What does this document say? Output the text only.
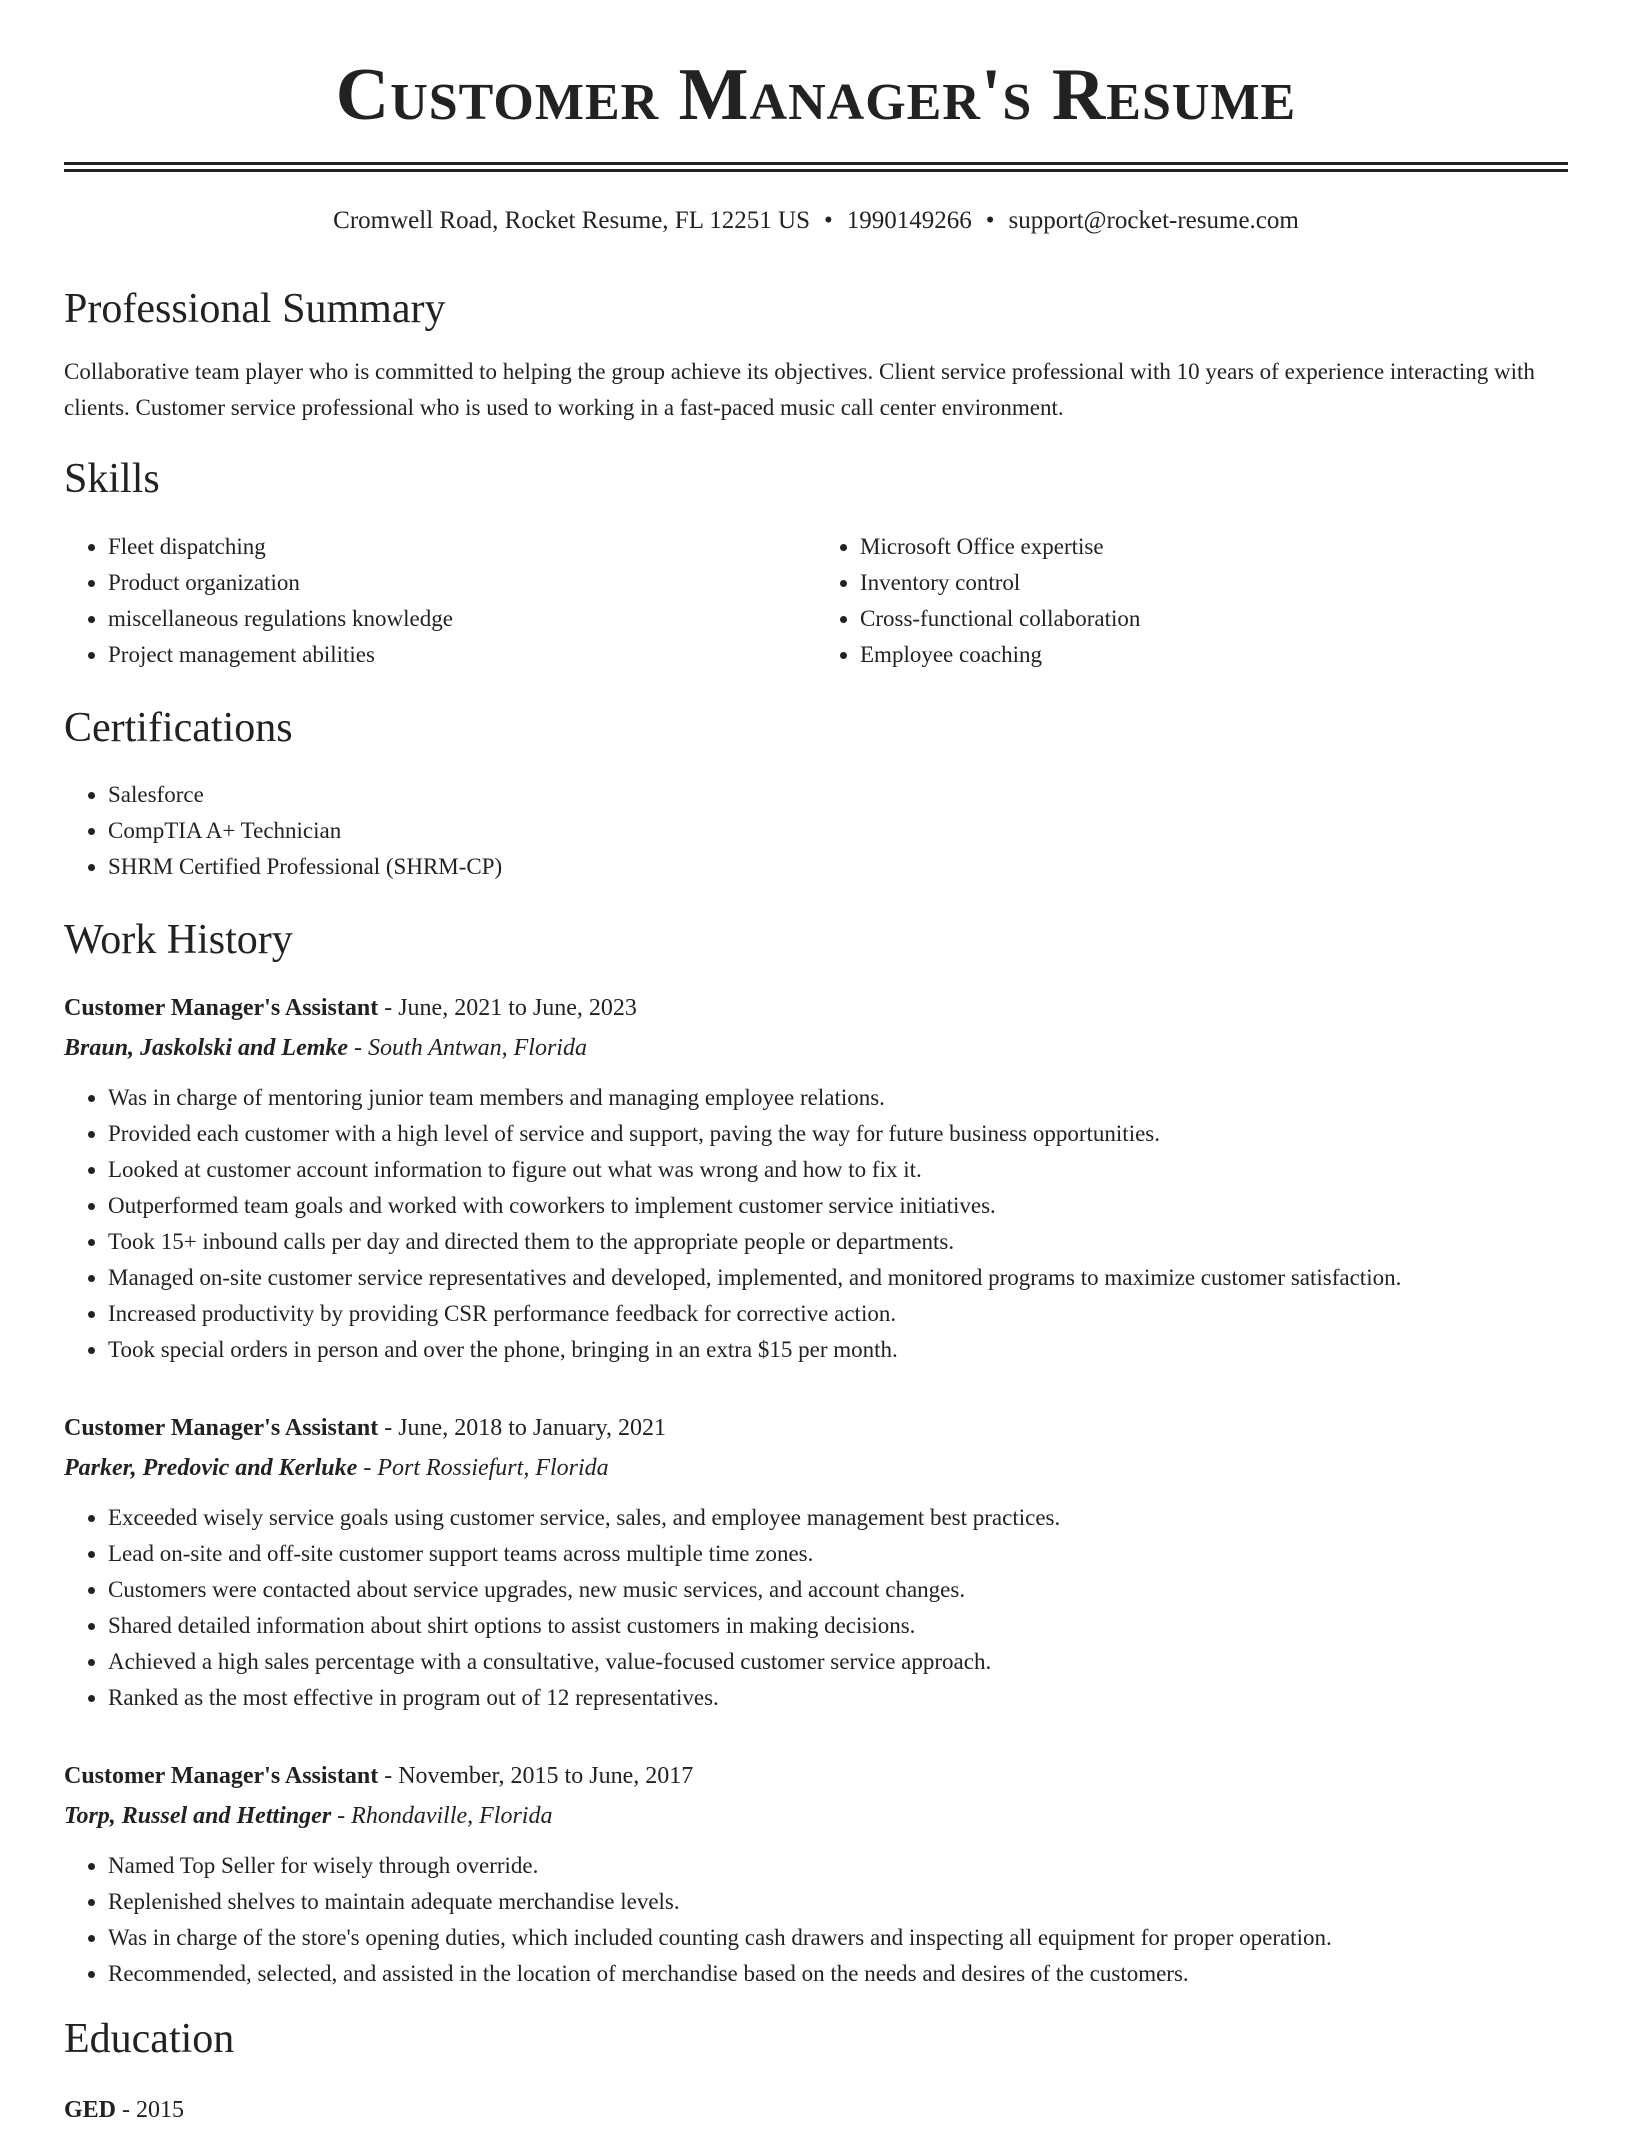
Customer Manager's Resume
Cromwell Road, Rocket Resume, FL 12251 US • 1990149266 • support@rocket-resume.com
Professional Summary

Collaborative team player who is committed to helping the group achieve its objectives. Client service professional with 10 years of experience interacting with clients. Customer service professional who is used to working in a fast-paced music call center environment.

Skills
• Fleet dispatching
• Product organization
• miscellaneous regulations knowledge
• Project management abilities
• Microsoft Office expertise
• Inventory control
• Cross-functional collaboration
• Employee coaching
Certifications
• Salesforce
• CompTIA A+ Technician
• SHRM Certified Professional (SHRM-CP)
Work History
Customer Manager's Assistant - June, 2021 to June, 2023
Braun, Jaskolski and Lemke - South Antwan, Florida
• Was in charge of mentoring junior team members and managing employee relations.
• Provided each customer with a high level of service and support, paving the way for future business opportunities.
• Looked at customer account information to figure out what was wrong and how to fix it.
• Outperformed team goals and worked with coworkers to implement customer service initiatives.
• Took 15+ inbound calls per day and directed them to the appropriate people or departments.
• Managed on-site customer service representatives and developed, implemented, and monitored programs to maximize customer satisfaction.
• Increased productivity by providing CSR performance feedback for corrective action.
• Took special orders in person and over the phone, bringing in an extra $15 per month.
Customer Manager's Assistant - June, 2018 to January, 2021
Parker, Predovic and Kerluke - Port Rossiefurt, Florida
• Exceeded wisely service goals using customer service, sales, and employee management best practices.
• Lead on-site and off-site customer support teams across multiple time zones.
• Customers were contacted about service upgrades, new music services, and account changes.
• Shared detailed information about shirt options to assist customers in making decisions.
• Achieved a high sales percentage with a consultative, value-focused customer service approach.
• Ranked as the most effective in program out of 12 representatives.
Customer Manager's Assistant - November, 2015 to June, 2017
Torp, Russel and Hettinger - Rhondaville, Florida
• Named Top Seller for wisely through override.
• Replenished shelves to maintain adequate merchandise levels.
• Was in charge of the store's opening duties, which included counting cash drawers and inspecting all equipment for proper operation.
• Recommended, selected, and assisted in the location of merchandise based on the needs and desires of the customers.
Education
GED - 2015
